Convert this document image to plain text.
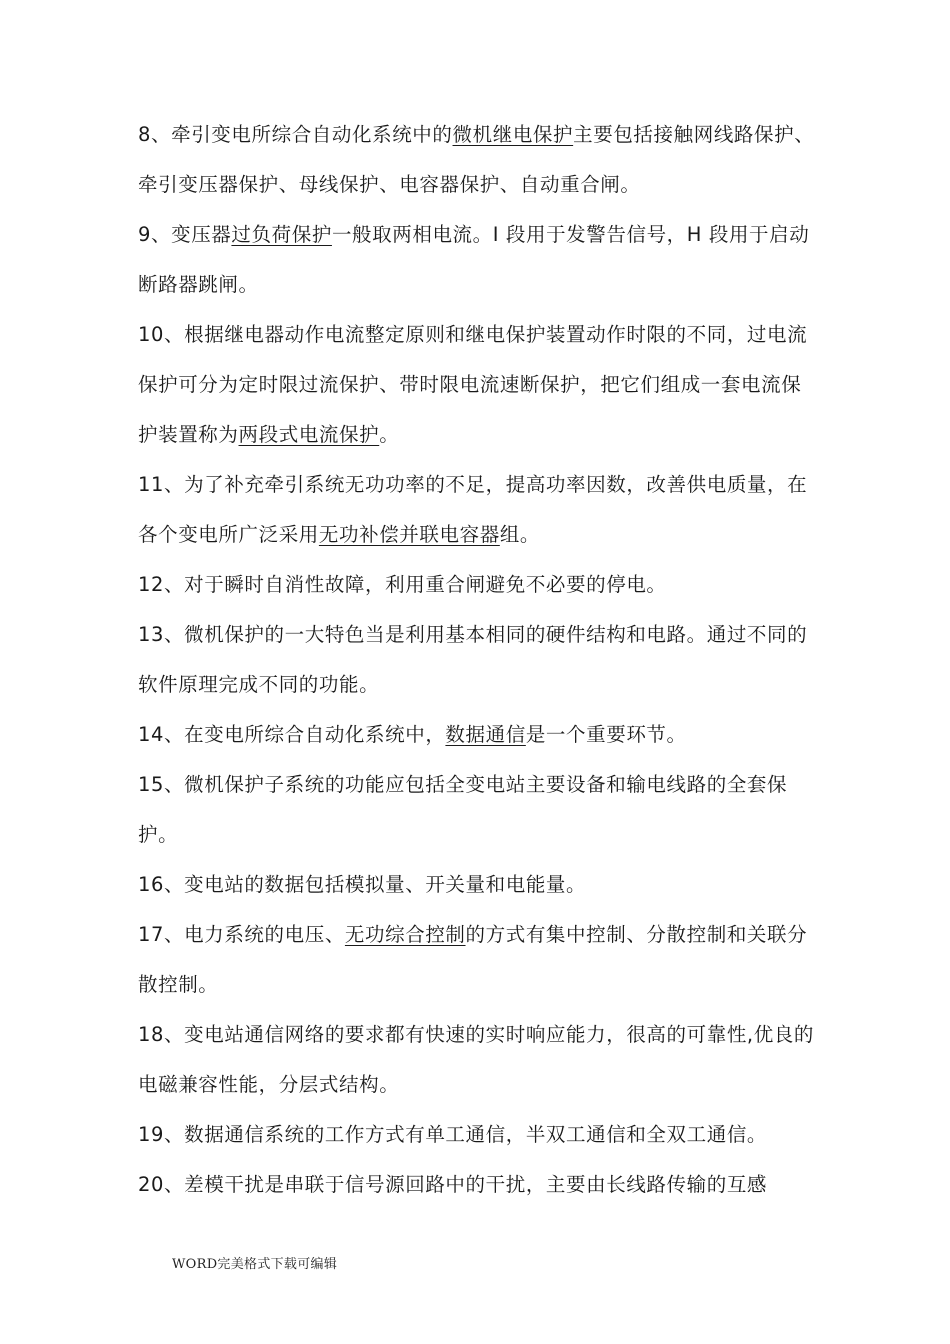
8、牵引变电所综合自动化系统中的微机继电保护主要包括接触网线路保护、牵引变压器保护、母线保护、电容器保护、自动重合闸。

9、变压器过负荷保护一般取两相电流。I 段用于发警告信号，H 段用于启动断路器跳闸。

10、根据继电器动作电流整定原则和继电保护装置动作时限的不同，过电流保护可分为定时限过流保护、带时限电流速断保护，把它们组成一套电流保护装置称为两段式电流保护。

11、为了补充牵引系统无功功率的不足，提高功率因数，改善供电质量，在各个变电所广泛采用无功补偿并联电容器组。

12、对于瞬时自消性故障，利用重合闸避免不必要的停电。

13、微机保护的一大特色当是利用基本相同的硬件结构和电路。通过不同的软件原理完成不同的功能。

14、在变电所综合自动化系统中，数据通信是一个重要环节。

15、微机保护子系统的功能应包括全变电站主要设备和输电线路的全套保护。

16、变电站的数据包括模拟量、开关量和电能量。

17、电力系统的电压、无功综合控制的方式有集中控制、分散控制和关联分散控制。

18、变电站通信网络的要求都有快速的实时响应能力，很高的可靠性,优良的电磁兼容性能，分层式结构。

19、数据通信系统的工作方式有单工通信，半双工通信和全双工通信。

20、差模干扰是串联于信号源回路中的干扰，主要由长线路传输的互感

WORD完美格式下载可编辑
